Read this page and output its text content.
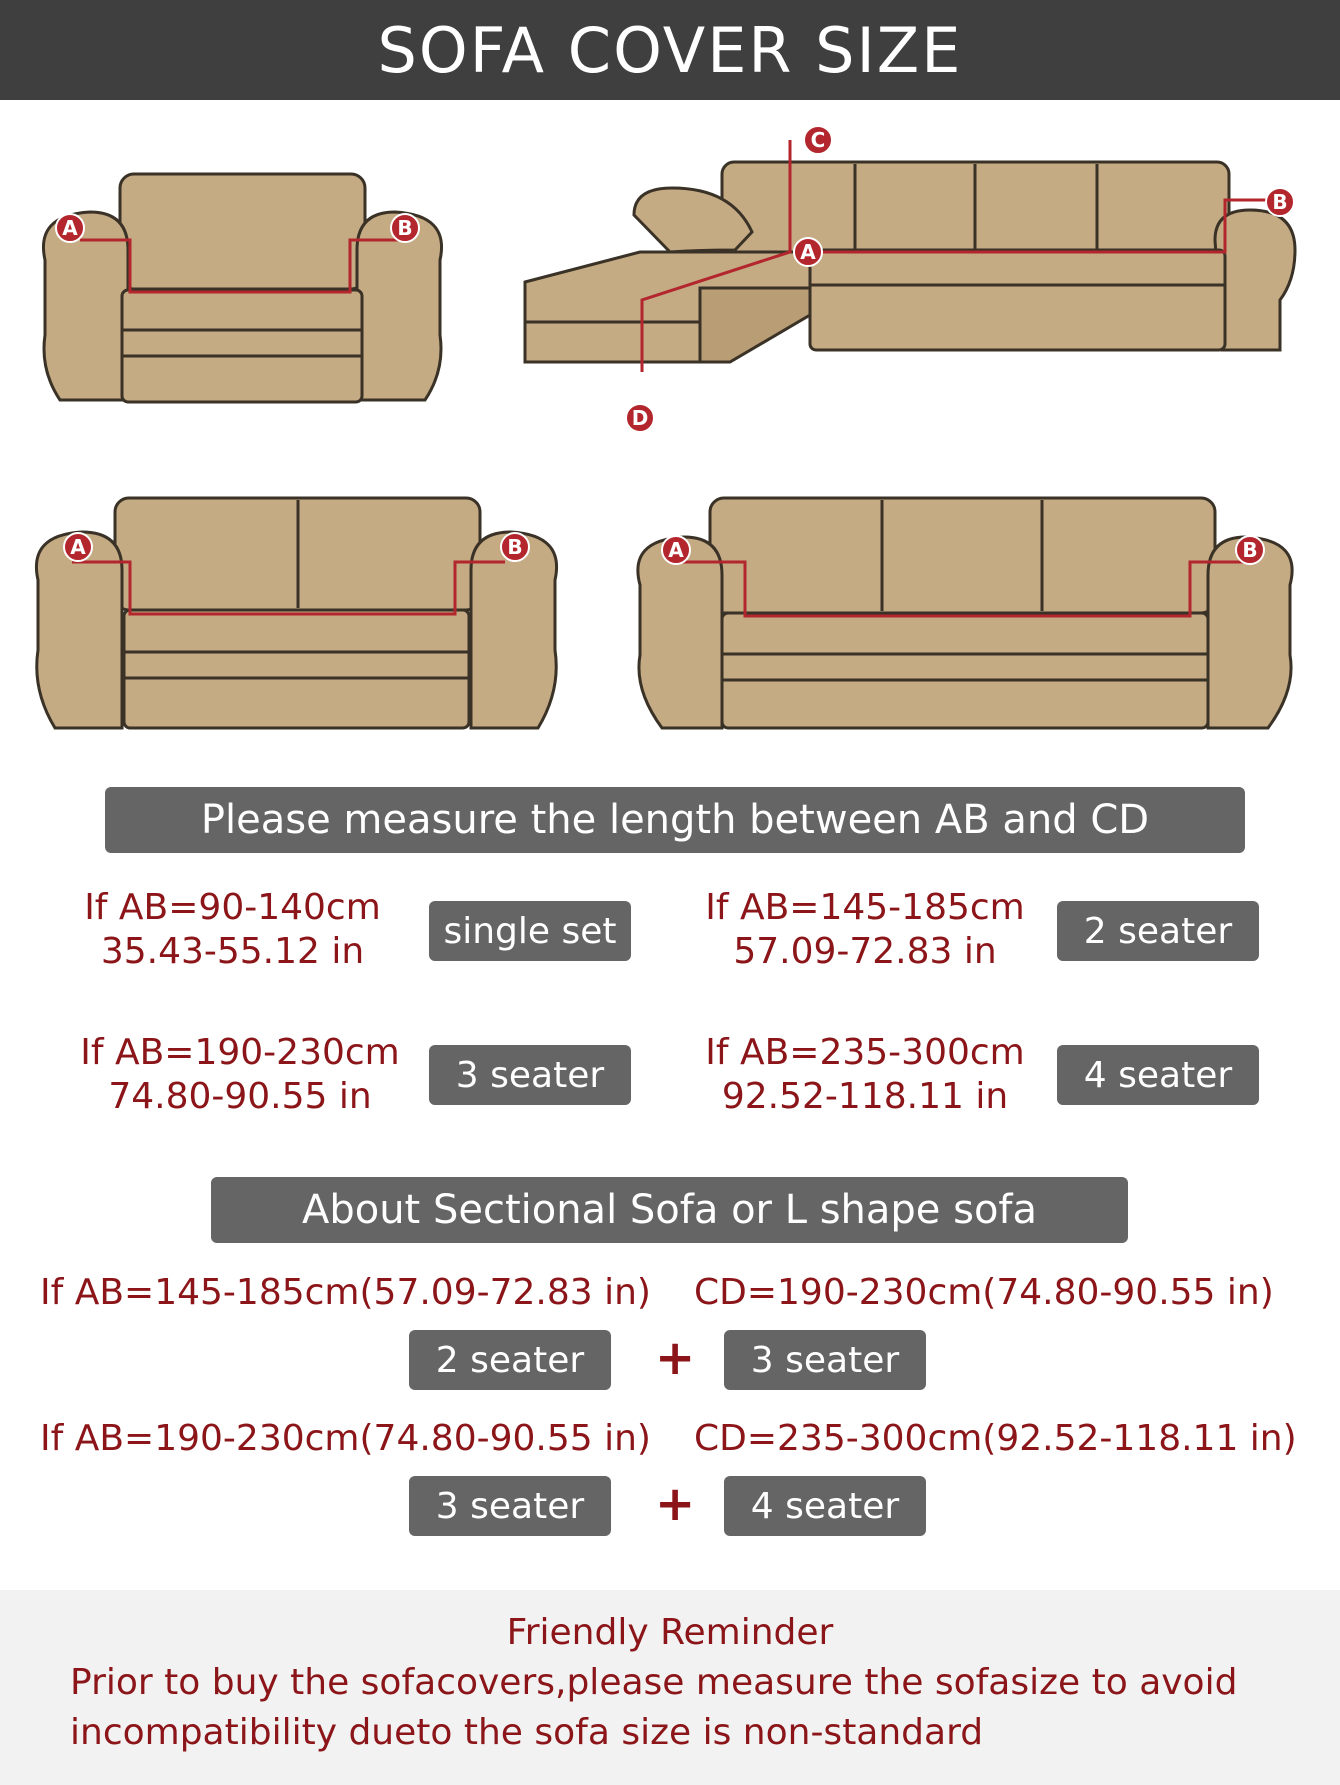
SOFA COVER SIZE
A	B
C
A
B
D
A	B	A	B
Please measure the length between AB and CD
If AB=90-140cm
35.43-55.12 in	single set
If AB=145-185cm
57.09-72.83 in	2 seater
If AB=190-230cm
74.80-90.55 in
3 seater
If AB=235-300cm
92.52-118.11 in
4 seater
About Sectional Sofa or L shape sofa
If AB=145-185cm(57.09-72.83 in) CD=190-230cm(74.80-90.55 in)
2 seater + 3 seater
If AB=190-230cm(74.80-90.55 in) CD=235-300cm(92.52-118.11 in)
3 seater + 4 seater
Friendly Reminder
Prior to buy the sofacovers,please measure the sofasize to avoid incompatibility dueto the sofa size is non-standard
